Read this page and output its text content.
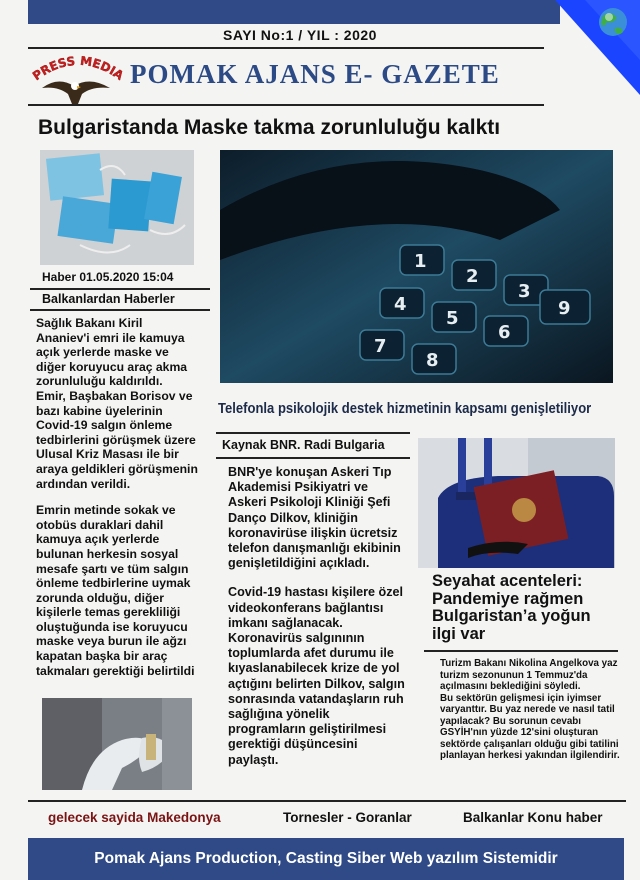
SAYI No:1 / YIL : 2020
PRESS MEDIA POMAK AJANS E- GAZETE
Bulgaristanda Maske takma zorunluluğu kalktı
Haber 01.05.2020 15:04
Balkanlardan Haberler

Sağlık Bakanı Kiril Ananiev'i emri ile kamuya açık yerlerde maske ve diğer koruyucu araç akma zorunluluğu kaldırıldı.
Emir, Başbakan Borisov ve bazı kabine üyelerinin Covid-19 salgın önleme tedbirlerini görüşmek üzere Ulusal Kriz Masası ile bir araya geldikleri görüşmenin ardından verildi.

Emrin metinde sokak ve otobüs duraklari dahil kamuya açık yerlerde bulunan herkesin sosyal mesafe şartı ve tüm salgın önleme tedbirlerine uymak zorunda olduğu, diğer kişilerle temas gerekliliği oluştuğunda ise koruyucu maske veya burun ile ağzı kapatan başka bir araç takmaları gerektiği belirtildi

1
2
3
4
5
6
7
8
9
Telefonla psikolojik destek hizmetinin kapsamı genişletiliyor
Kaynak BNR. Radi Bulgaria

BNR'ye konuşan Askeri Tıp Akademisi Psikiyatri ve Askeri Psikoloji Kliniği Şefi Danço Dilkov, kliniğin koronavirüse ilişkin ücretsiz telefon danışmanlığı ekibinin genişletildiğini açıkladı.

Covid-19 hastası kişilere özel videokonferans bağlantısı imkanı sağlanacak. Koronavirüs salgınının toplumlarda afet durumu ile kıyaslanabilecek krize de yol açtığını belirten Dilkov, salgın sonrasında vatandaşların ruh sağlığına yönelik programların geliştirilmesi gerektiği düşüncesini paylaştı.

Seyahat acenteleri: Pandemiye rağmen Bulgaristan’a yoğun ilgi var
Turizm Bakanı Nikolina Angelkova yaz turizm sezonunun 1 Temmuz'da açılmasını beklediğini söyledi.
Bu sektörün gelişmesi için iyimser varyanttır. Bu yaz nerede ve nasıl tatil yapılacak? Bu sorunun cevabı GSYİH'nın yüzde 12'sini oluşturan sektörde çalışanları olduğu gibi tatilini planlayan herkesi yakından ilgilendirir.
gelecek sayida Makedonya	Tornesler - Goranlar	Balkanlar Konu haber
Pomak Ajans Production, Casting Siber Web yazılım Sistemidir
